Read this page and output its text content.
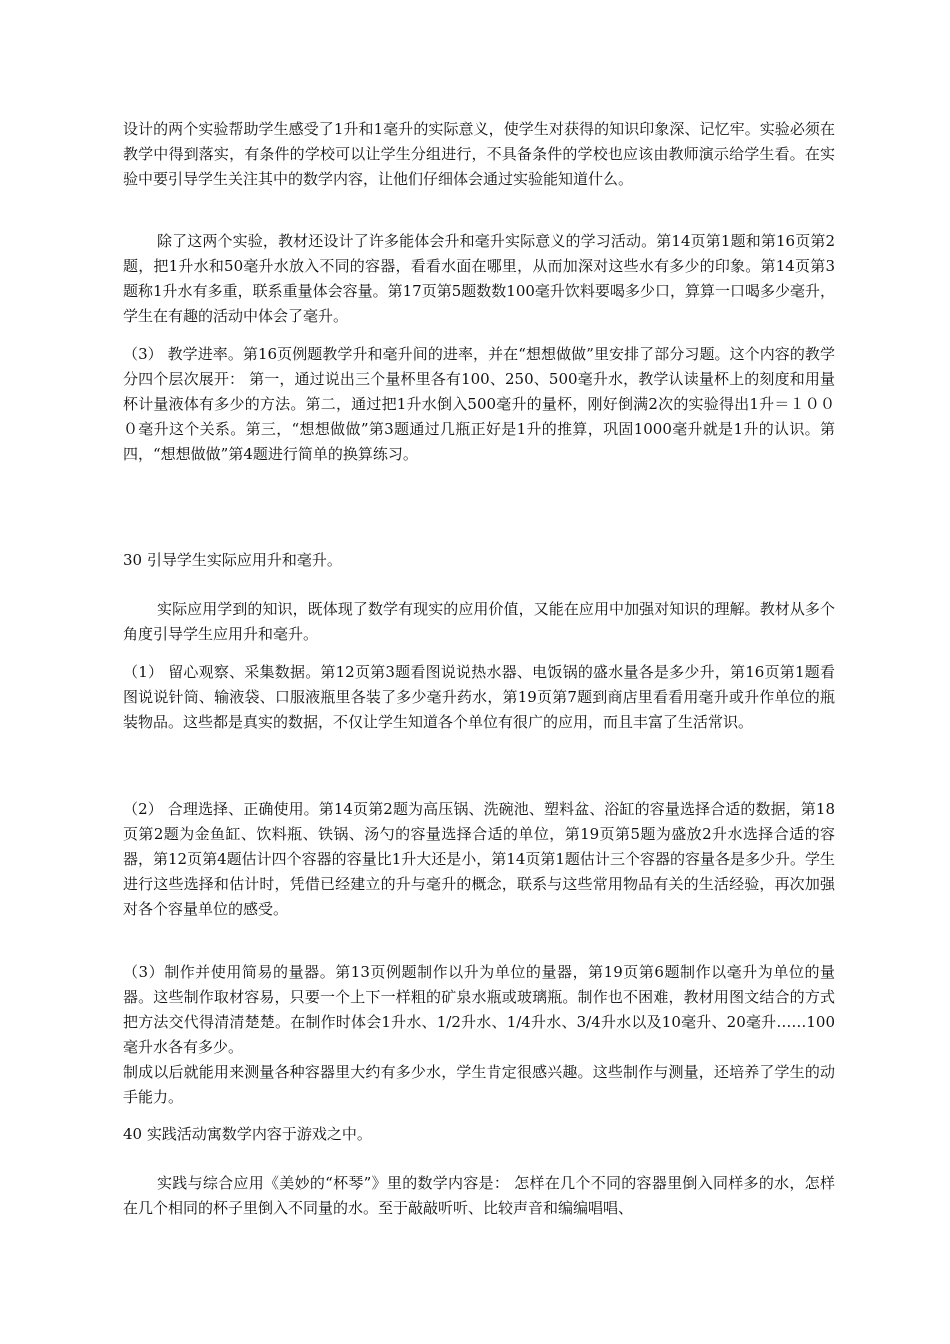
设计的两个实验帮助学生感受了1升和1毫升的实际意义，使学生对获得的知识印象深、记忆牢。实验必须在教学中得到落实，有条件的学校可以让学生分组进行，不具备条件的学校也应该由教师演示给学生看。在实验中要引导学生关注其中的数学内容，让他们仔细体会通过实验能知道什么。

除了这两个实验，教材还设计了许多能体会升和毫升实际意义的学习活动。第14页第1题和第16页第2题，把1升水和50毫升水放入不同的容器，看看水面在哪里，从而加深对这些水有多少的印象。第14页第3题称1升水有多重，联系重量体会容量。第17页第5题数数100毫升饮料要喝多少口，算算一口喝多少毫升，学生在有趣的活动中体会了毫升。

（3） 教学进率。第16页例题教学升和毫升间的进率，并在“想想做做”里安排了部分习题。这个内容的教学分四个层次展开： 第一，通过说出三个量杯里各有100、250、500毫升水，教学认读量杯上的刻度和用量杯计量液体有多少的方法。第二，通过把1升水倒入500毫升的量杯，刚好倒满2次的实验得出1升＝１０００毫升这个关系。第三，“想想做做”第3题通过几瓶正好是1升的推算，巩固1000毫升就是1升的认识。第四，“想想做做”第4题进行简单的换算练习。

30 引导学生实际应用升和毫升。

实际应用学到的知识，既体现了数学有现实的应用价值，又能在应用中加强对知识的理解。教材从多个角度引导学生应用升和毫升。

（1） 留心观察、采集数据。第12页第3题看图说说热水器、电饭锅的盛水量各是多少升，第16页第1题看图说说针筒、输液袋、口服液瓶里各装了多少毫升药水，第19页第7题到商店里看看用毫升或升作单位的瓶装物品。这些都是真实的数据，不仅让学生知道各个单位有很广的应用，而且丰富了生活常识。

（2） 合理选择、正确使用。第14页第2题为高压锅、洗碗池、塑料盆、浴缸的容量选择合适的数据，第18页第2题为金鱼缸、饮料瓶、铁锅、汤勺的容量选择合适的单位，第19页第5题为盛放2升水选择合适的容器，第12页第4题估计四个容器的容量比1升大还是小，第14页第1题估计三个容器的容量各是多少升。学生进行这些选择和估计时，凭借已经建立的升与毫升的概念，联系与这些常用物品有关的生活经验，再次加强对各个容量单位的感受。

（3）制作并使用简易的量器。第13页例题制作以升为单位的量器，第19页第6题制作以毫升为单位的量器。这些制作取材容易，只要一个上下一样粗的矿泉水瓶或玻璃瓶。制作也不困难，教材用图文结合的方式把方法交代得清清楚楚。在制作时体会1升水、1/2升水、1/4升水、3/4升水以及10毫升、20毫升……100毫升水各有多少。

制成以后就能用来测量各种容器里大约有多少水，学生肯定很感兴趣。这些制作与测量，还培养了学生的动手能力。

40 实践活动寓数学内容于游戏之中。

实践与综合应用《美妙的“杯琴”》里的数学内容是： 怎样在几个不同的容器里倒入同样多的水，怎样在几个相同的杯子里倒入不同量的水。至于敲敲听听、比较声音和编编唱唱、
